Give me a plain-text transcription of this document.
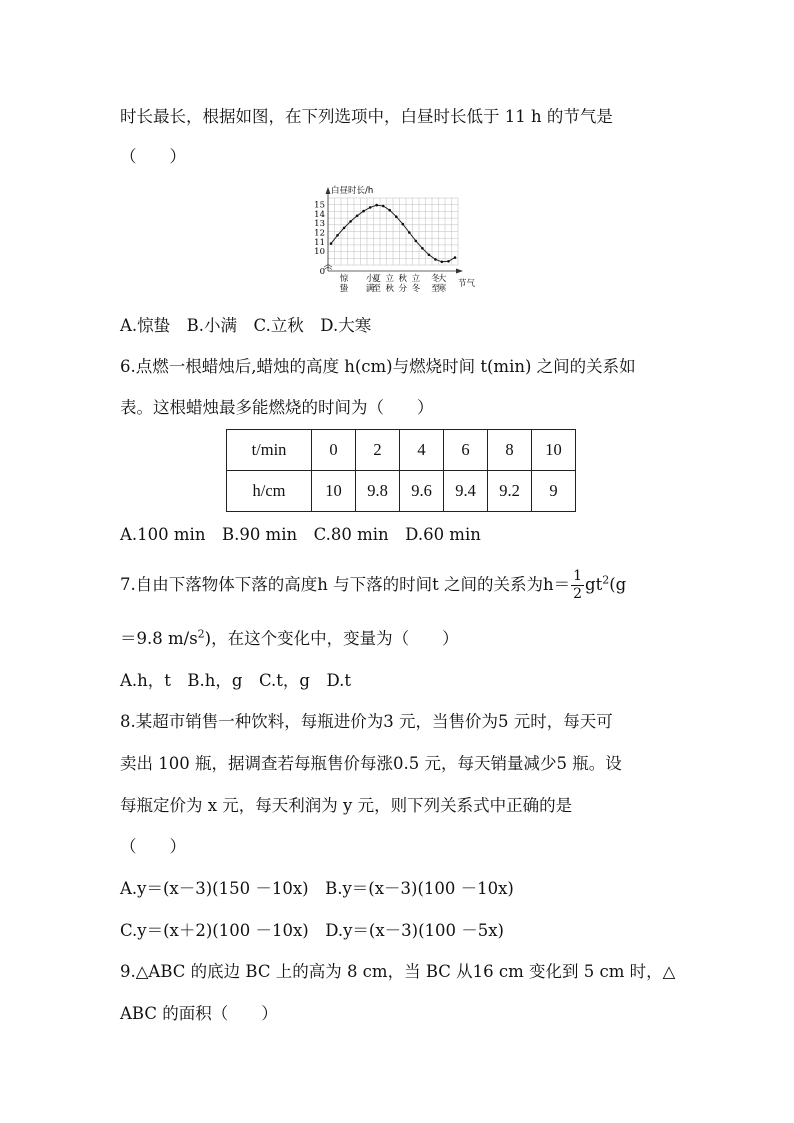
时长最长，根据如图，在下列选项中，白昼时长低于 11 h 的节气是
（　　）
白昼时长/h
节气
15
14
13
12
11
10
0
惊
蛰
小
满
夏
至
立
秋
秋
分
立
冬
冬
至
大
寒
A.惊蛰　B.小满　C.立秋　D.大寒
6.点燃一根蜡烛后,蜡烛的高度 h(cm)与燃烧时间 t(min) 之间的关系如
表。这根蜡烛最多能燃烧的时间为（　　）
t/min	0	2	4	6	8	10
h/cm	10	9.8	9.6	9.4	9.2	9
A.100 min　B.90 min　C.80 min　D.60 min
7.自由下落物体下落的高度h 与下落的时间t 之间的关系为$h= \frac{1}{2} gt^2(g$
＝9.8 $m/s^2$)，在这个变化中，变量为（　　）
A.h，t　B.h，g　C.t，g　D.t
8.某超市销售一种饮料，每瓶进价为3 元，当售价为5 元时，每天可
卖出 100 瓶，据调查若每瓶售价每涨0.5 元，每天销量减少5 瓶。设
每瓶定价为 x 元，每天利润为 y 元，则下列关系式中正确的是
（　　）
A.y＝(x－3)(150 －10x)　B.y＝(x－3)(100 －10x)
C.y＝(x＋2)(100 －10x)　D.y＝(x－3)(100 －5x)
9.△ABC 的底边 BC 上的高为 8 cm，当 BC 从16 cm 变化到 5 cm 时，△
ABC 的面积（　　）
